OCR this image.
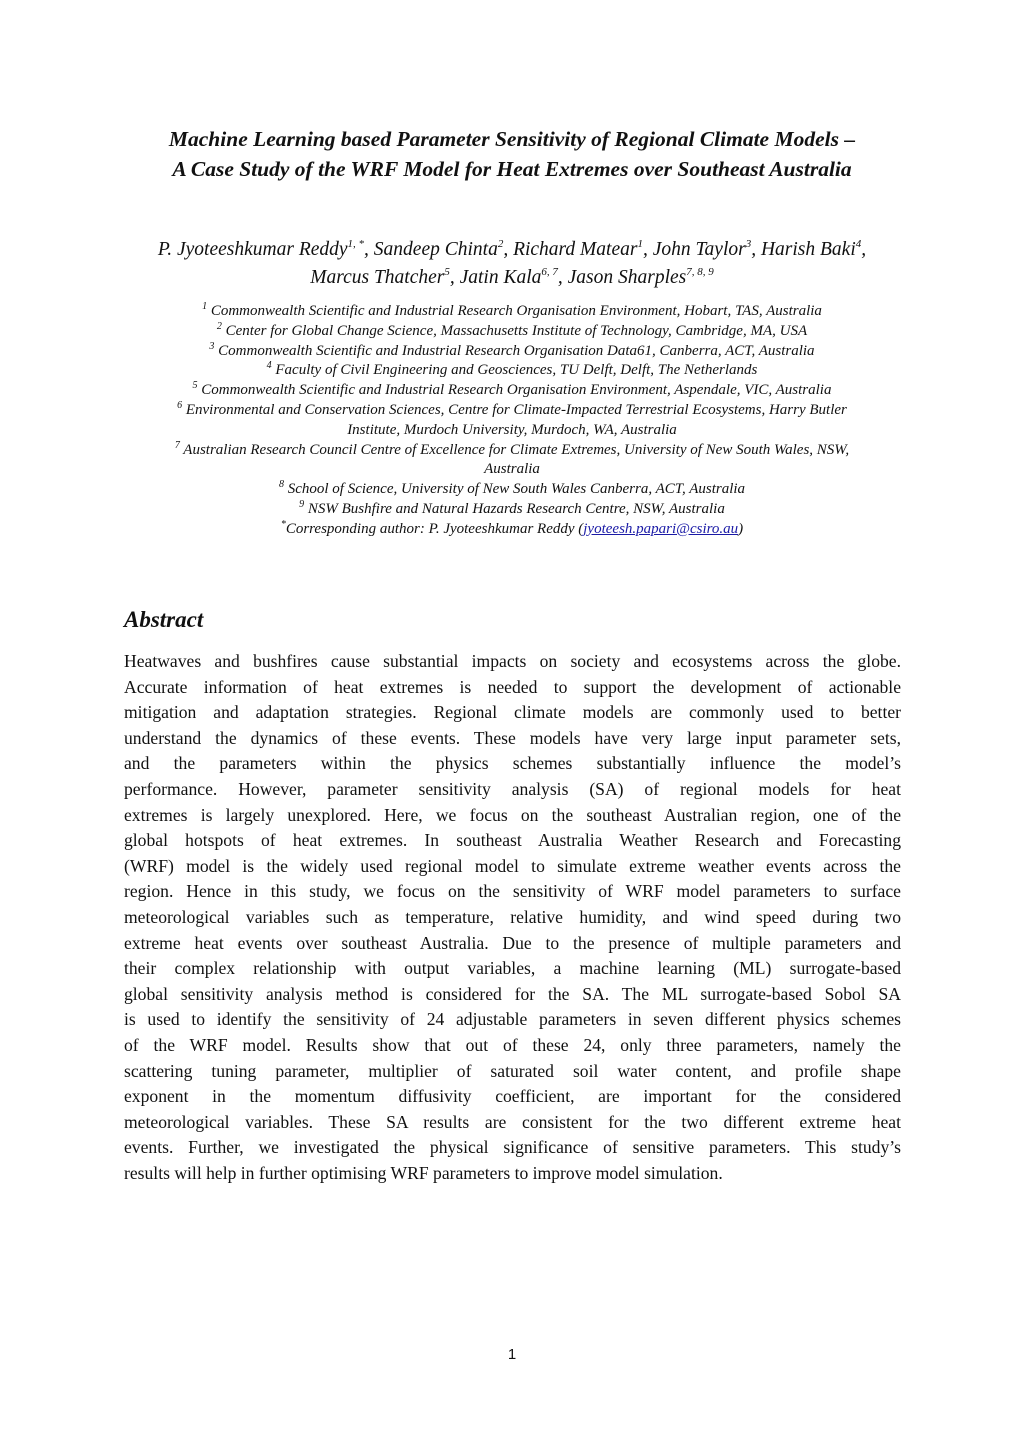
Machine Learning based Parameter Sensitivity of Regional Climate Models –
A Case Study of the WRF Model for Heat Extremes over Southeast Australia
P. Jyoteeshkumar Reddy$^{1, *}$, Sandeep Chinta$^2$, Richard Matear$^1$, John Taylor$^3$, Harish Baki$^4$,
Marcus Thatcher$^5$, Jatin Kala$^{6, 7}$, Jason Sharples$^{7, 8, 9}$
$^1$ Commonwealth Scientific and Industrial Research Organisation Environment, Hobart, TAS, Australia
$^2$ Center for Global Change Science, Massachusetts Institute of Technology, Cambridge, MA, USA
$^3$ Commonwealth Scientific and Industrial Research Organisation Data61, Canberra, ACT, Australia
$^4$ Faculty of Civil Engineering and Geosciences, TU Delft, Delft, The Netherlands
$^5$ Commonwealth Scientific and Industrial Research Organisation Environment, Aspendale, VIC, Australia
$^6$ Environmental and Conservation Sciences, Centre for Climate-Impacted Terrestrial Ecosystems, Harry Butler
Institute, Murdoch University, Murdoch, WA, Australia
$^7$ Australian Research Council Centre of Excellence for Climate Extremes, University of New South Wales, NSW,
Australia
$^8$ School of Science, University of New South Wales Canberra, ACT, Australia
$^9$ NSW Bushfire and Natural Hazards Research Centre, NSW, Australia
*Corresponding author: P. Jyoteeshkumar Reddy (jyoteesh.papari@csiro.au)
Abstract
Heatwaves and bushfires cause substantial impacts on society and ecosystems across the globe.
Accurate information of heat extremes is needed to support the development of actionable
mitigation and adaptation strategies. Regional climate models are commonly used to better
understand the dynamics of these events. These models have very large input parameter sets,
and the parameters within the physics schemes substantially influence the model’s
performance. However, parameter sensitivity analysis (SA) of regional models for heat
extremes is largely unexplored. Here, we focus on the southeast Australian region, one of the
global hotspots of heat extremes. In southeast Australia Weather Research and Forecasting
(WRF) model is the widely used regional model to simulate extreme weather events across the
region. Hence in this study, we focus on the sensitivity of WRF model parameters to surface
meteorological variables such as temperature, relative humidity, and wind speed during two
extreme heat events over southeast Australia. Due to the presence of multiple parameters and
their complex relationship with output variables, a machine learning (ML) surrogate-based
global sensitivity analysis method is considered for the SA. The ML surrogate-based Sobol SA
is used to identify the sensitivity of 24 adjustable parameters in seven different physics schemes
of the WRF model. Results show that out of these 24, only three parameters, namely the
scattering tuning parameter, multiplier of saturated soil water content, and profile shape
exponent in the momentum diffusivity coefficient, are important for the considered
meteorological variables. These SA results are consistent for the two different extreme heat
events. Further, we investigated the physical significance of sensitive parameters. This study’s
results will help in further optimising WRF parameters to improve model simulation.
1
